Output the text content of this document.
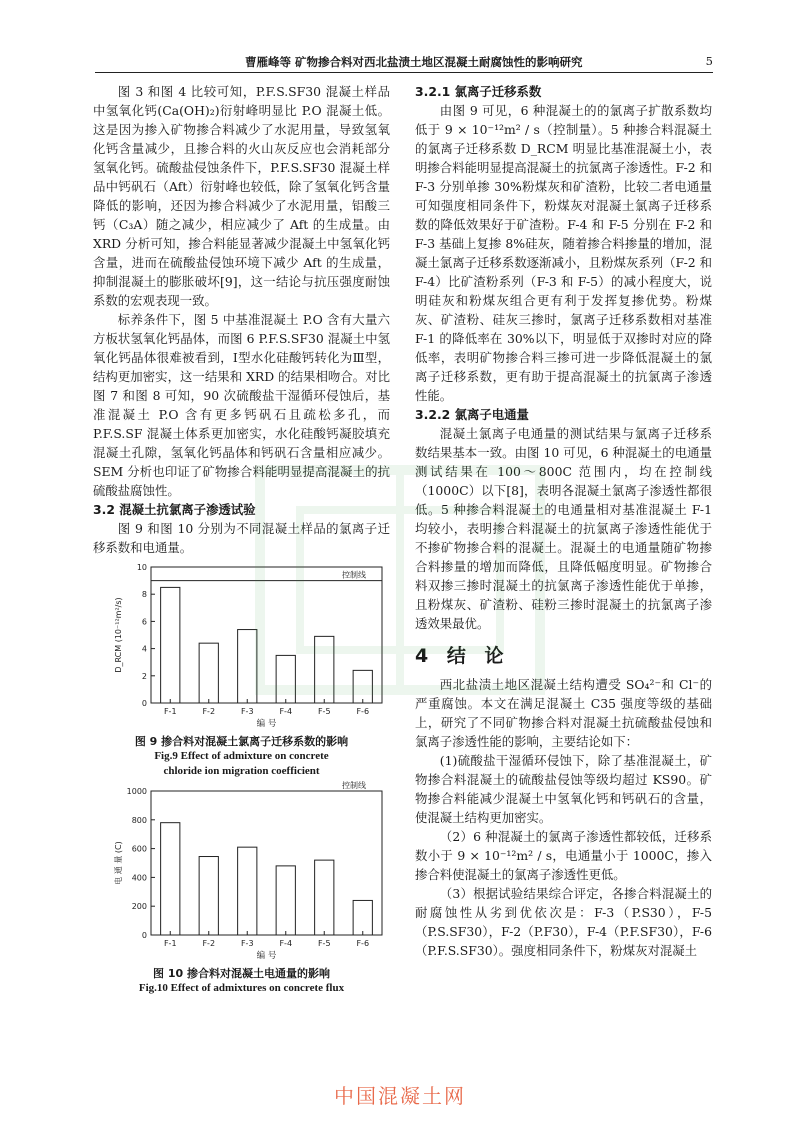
曹雁峰等 矿物掺合料对西北盐渍土地区混凝土耐腐蚀性的影响研究	5

图 3 和图 4 比较可知，P.F.S.SF30 混凝土样品中氢氧化钙(Ca(OH)₂)衍射峰明显比 P.O 混凝土低。这是因为掺入矿物掺合料减少了水泥用量，导致氢氧化钙含量减少，且掺合料的火山灰反应也会消耗部分氢氧化钙。硫酸盐侵蚀条件下，P.F.S.SF30 混凝土样品中钙矾石（Aft）衍射峰也较低，除了氢氧化钙含量降低的影响，还因为掺合料减少了水泥用量，铝酸三钙（C₃A）随之减少，相应减少了 Aft 的生成量。由 XRD 分析可知，掺合料能显著减少混凝土中氢氧化钙含量，进而在硫酸盐侵蚀环境下减少 Aft 的生成量，抑制混凝土的膨胀破坏[9]，这一结论与抗压强度耐蚀系数的宏观表现一致。

标养条件下，图 5 中基准混凝土 P.O 含有大量六方板状氢氧化钙晶体，而图 6 P.F.S.SF30 混凝土中氢氧化钙晶体很难被看到，Ⅰ型水化硅酸钙转化为Ⅲ型，结构更加密实，这一结果和 XRD 的结果相吻合。对比图 7 和图 8 可知，90 次硫酸盐干湿循环侵蚀后，基准混凝土 P.O 含有更多钙矾石且疏松多孔，而 P.F.S.SF 混凝土体系更加密实，水化硅酸钙凝胶填充混凝土孔隙，氢氧化钙晶体和钙矾石含量相应减少。SEM 分析也印证了矿物掺合料能明显提高混凝土的抗硫酸盐腐蚀性。

3.2 混凝土抗氯离子渗透试验

图 9 和图 10 分别为不同混凝土样品的氯离子迁移系数和电通量。

0
2
4
6
8
10
控制线
F-1	F-2	F-3	F-4	F-5	F-6
编 号
D_RCM (10⁻¹²m²/s)
图 9 掺合料对混凝土氯离子迁移系数的影响
Fig.9 Effect of admixture on concrete
chloride ion migration coefficient
0
200
400
600
800
1000
控制线
F-1	F-2	F-3	F-4	F-5	F-6
编 号
电 通 量 (C)
图 10 掺合料对混凝土电通量的影响
Fig.10 Effect of admixtures on concrete flux

3.2.1 氯离子迁移系数

由图 9 可见，6 种混凝土的的氯离子扩散系数均低于 9 × 10⁻¹²m² / s（控制量）。5 种掺合料混凝土的氯离子迁移系数 D_RCM 明显比基准混凝土小，表明掺合料能明显提高混凝土的抗氯离子渗透性。F-2 和 F-3 分别单掺 30%粉煤灰和矿渣粉，比较二者电通量可知强度相同条件下，粉煤灰对混凝土氯离子迁移系数的降低效果好于矿渣粉。F-4 和 F-5 分别在 F-2 和 F-3 基础上复掺 8%硅灰，随着掺合料掺量的增加，混凝土氯离子迁移系数逐渐减小，且粉煤灰系列（F-2 和 F-4）比矿渣粉系列（F-3 和 F-5）的减小程度大，说明硅灰和粉煤灰组合更有利于发挥复掺优势。粉煤灰、矿渣粉、硅灰三掺时，氯离子迁移系数相对基准 F-1 的降低率在 30%以下，明显低于双掺时对应的降低率，表明矿物掺合料三掺可进一步降低混凝土的氯离子迁移系数，更有助于提高混凝土的抗氯离子渗透性能。

3.2.2 氯离子电通量

混凝土氯离子电通量的测试结果与氯离子迁移系数结果基本一致。由图 10 可见，6 种混凝土的电通量测试结果在 100～800C 范围内，均在控制线（1000C）以下[8]，表明各混凝土氯离子渗透性都很低。5 种掺合料混凝土的电通量相对基准混凝土 F-1 均较小，表明掺合料混凝土的抗氯离子渗透性能优于不掺矿物掺合料的混凝土。混凝土的电通量随矿物掺合料掺量的增加而降低，且降低幅度明显。矿物掺合料双掺三掺时混凝土的抗氯离子渗透性能优于单掺，且粉煤灰、矿渣粉、硅粉三掺时混凝土的抗氯离子渗透效果最优。

4 结 论

西北盐渍土地区混凝土结构遭受 SO₄²⁻和 Cl⁻的严重腐蚀。本文在满足混凝土 C35 强度等级的基础上，研究了不同矿物掺合料对混凝土抗硫酸盐侵蚀和氯离子渗透性能的影响，主要结论如下：

(1)硫酸盐干湿循环侵蚀下，除了基准混凝土，矿物掺合料混凝土的硫酸盐侵蚀等级均超过 KS90。矿物掺合料能减少混凝土中氢氧化钙和钙矾石的含量，使混凝土结构更加密实。

（2）6 种混凝土的氯离子渗透性都较低，迁移系数小于 9 × 10⁻¹²m² / s，电通量小于 1000C，掺入掺合料使混凝土的氯离子渗透性更低。

（3）根据试验结果综合评定，各掺合料混凝土的耐腐蚀性从劣到优依次是：F-3（P.S30），F-5（P.S.SF30），F-2（P.F30），F-4（P.F.SF30），F-6（P.F.S.SF30）。强度相同条件下，粉煤灰对混凝土

中国混凝土网
